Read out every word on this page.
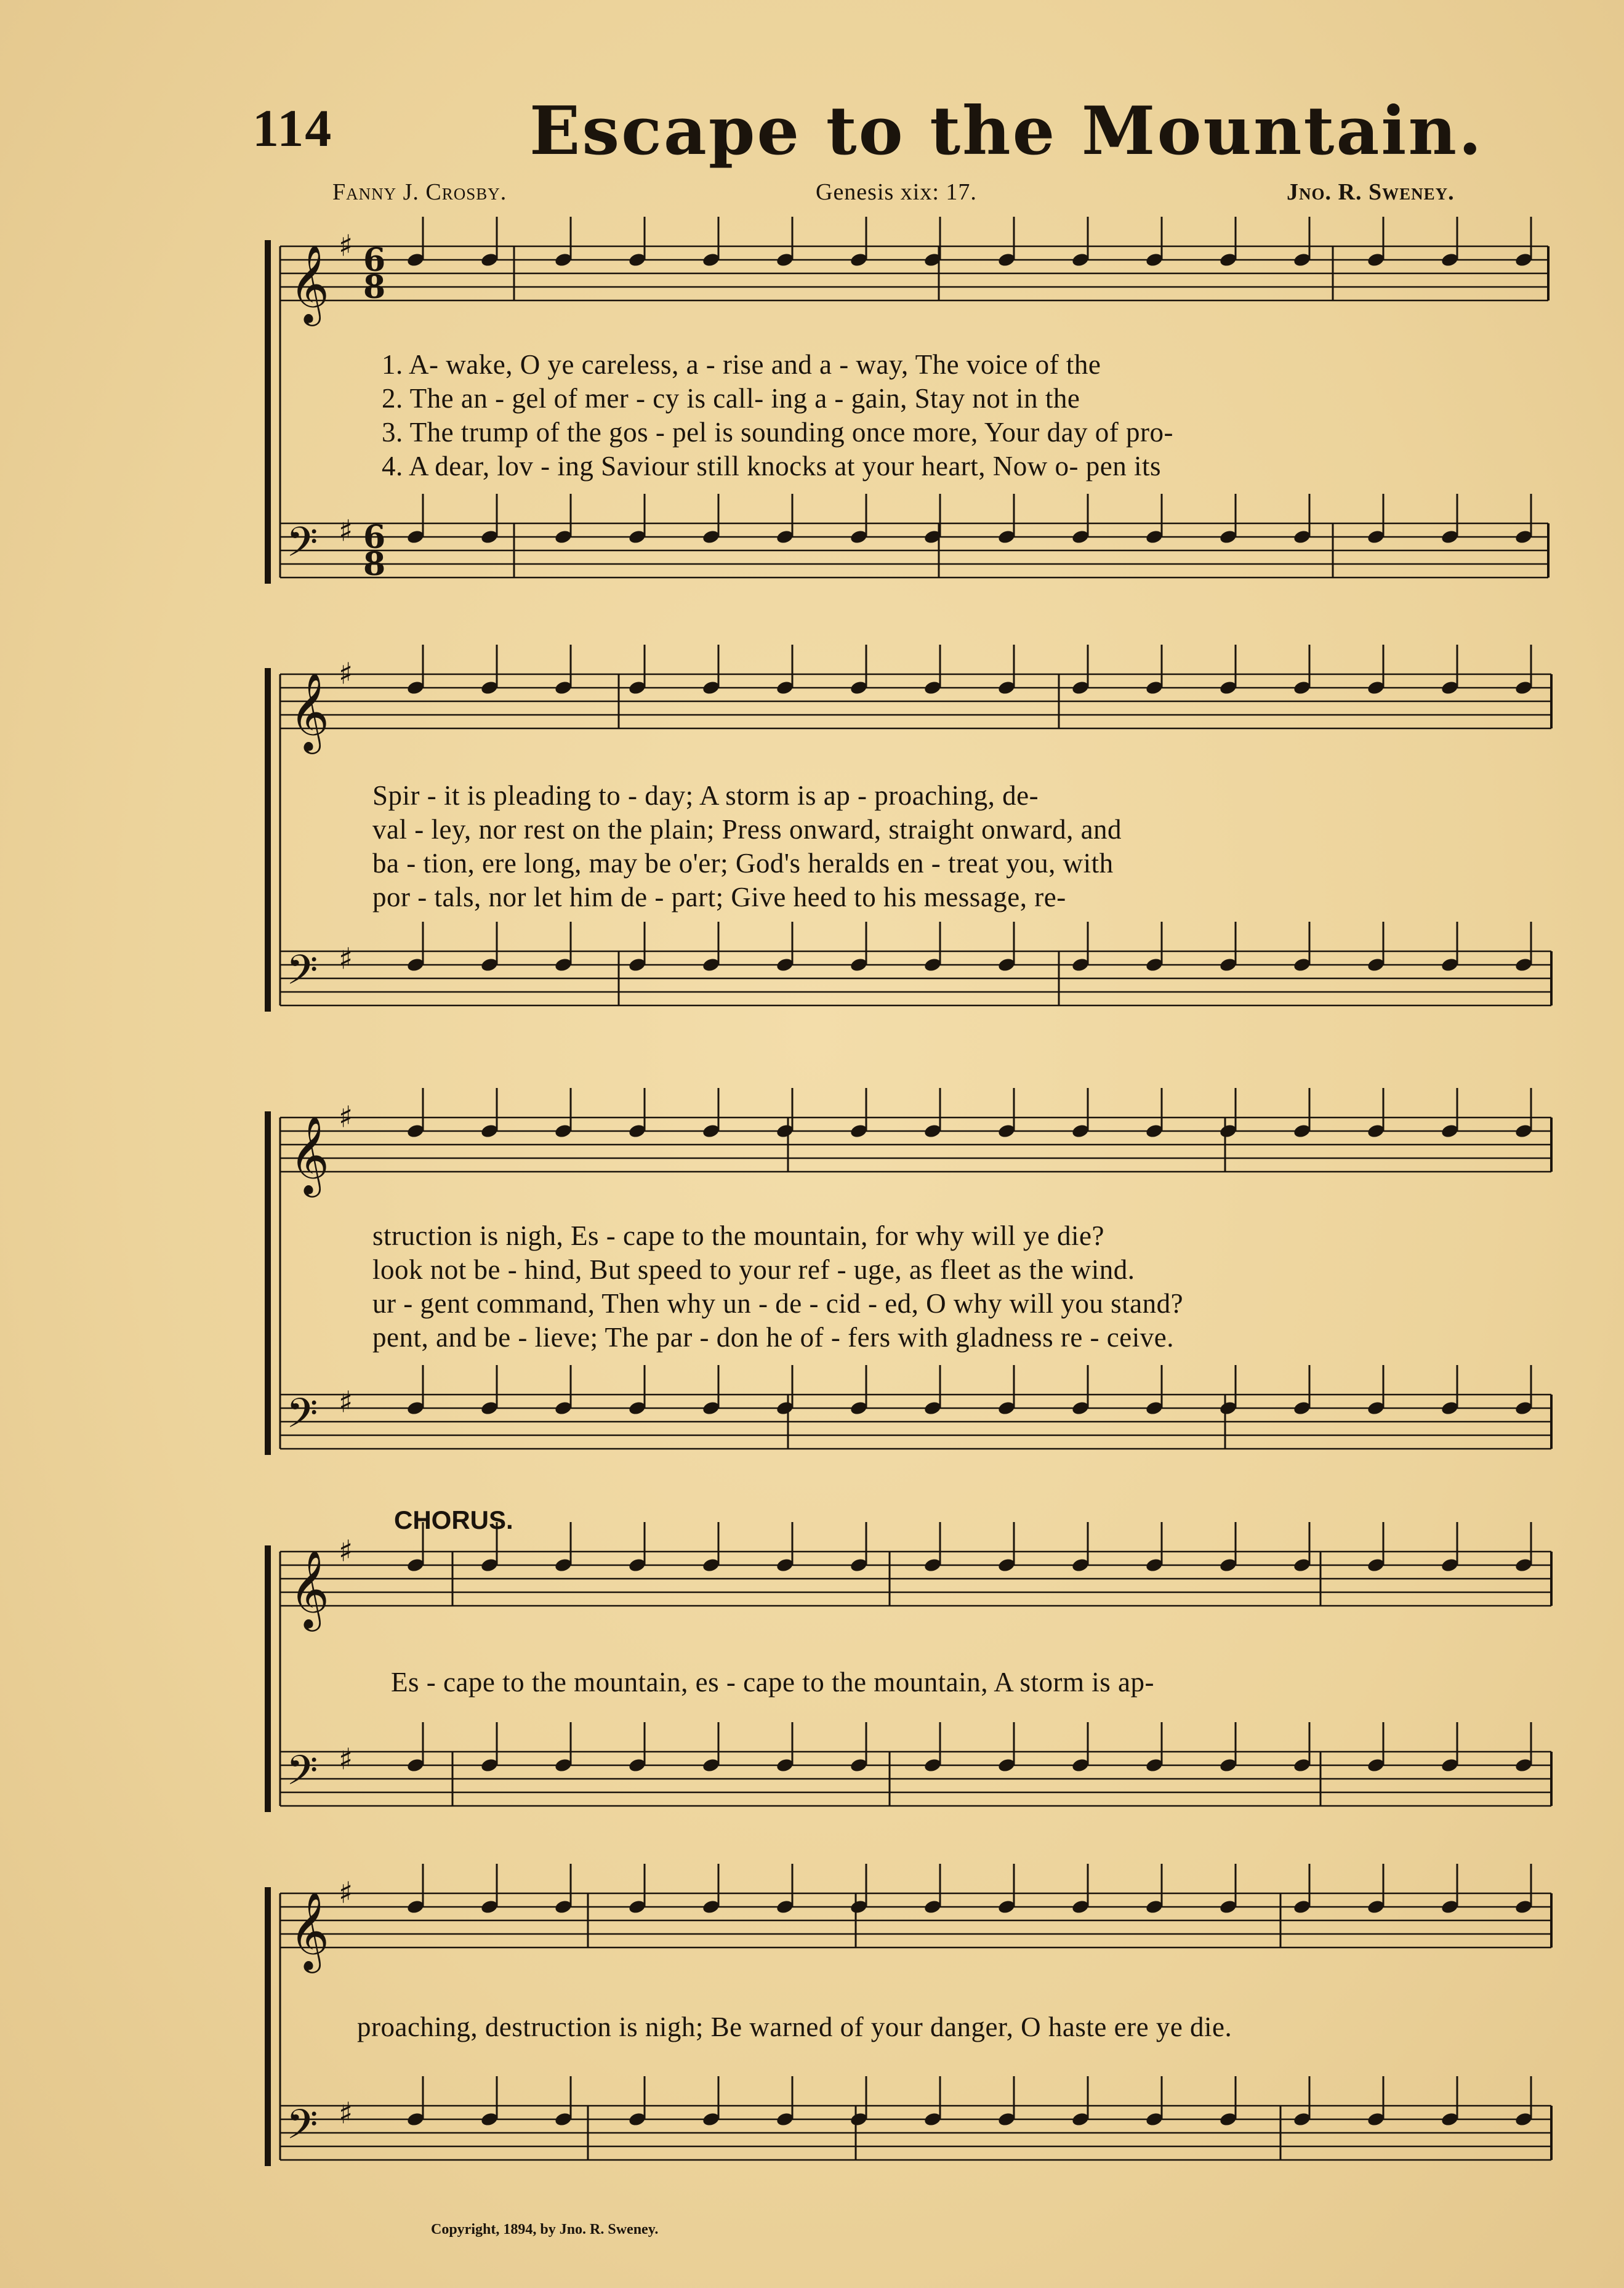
114	Escape to the Mountain.
Fanny J. Crosby.	Genesis xix: 17.	Jno. R. Sweney.
𝄞
𝄢
♯
♯
6
6
8
8
𝄞
𝄢
♯
♯
𝄞
𝄢
♯
♯
𝄞
𝄢
♯
♯
𝄞
𝄢
♯
♯
1. A- wake, O ye careless, a - rise and a - way, The voice of the
2. The an - gel of mer - cy is call- ing a - gain, Stay not in the
3. The trump of the gos - pel is sounding once more, Your day of pro-
4. A dear, lov - ing Saviour still knocks at your heart, Now o- pen its
Spir - it is pleading to - day; A storm is ap - proaching, de-
val - ley, nor rest on the plain; Press onward, straight onward, and
ba - tion, ere long, may be o'er; God's heralds en - treat you, with
por - tals, nor let him de - part; Give heed to his message, re-
struction is nigh, Es - cape to the mountain, for why will ye die?
look not be - hind, But speed to your ref - uge, as fleet as the wind.
ur - gent command, Then why un - de - cid - ed, O why will you stand?
pent, and be - lieve; The par - don he of - fers with gladness re - ceive.
CHORUS.
Es - cape to the mountain, es - cape to the mountain, A storm is ap-
proaching, destruction is nigh; Be warned of your danger, O haste ere ye die.
Copyright, 1894, by Jno. R. Sweney.
